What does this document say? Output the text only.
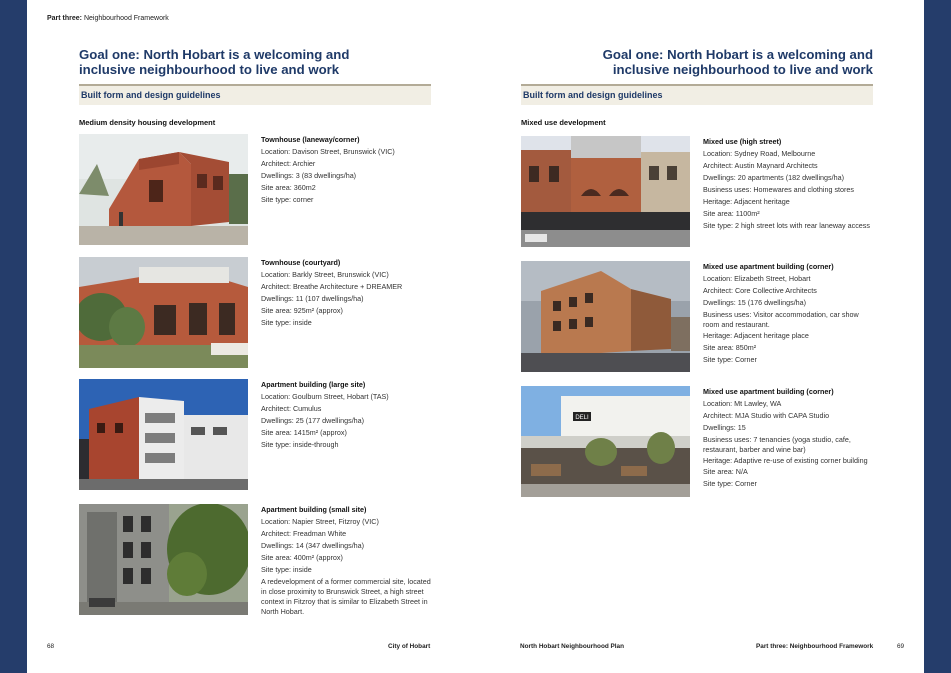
Part three: Neighbourhood Framework
Goal one: North Hobart is a welcoming and
inclusive neighbourhood to live and work
Built form and design guidelines
Medium density housing development
Townhouse (laneway/corner)
Location: Davison Street, Brunswick (VIC)
Architect: Archier
Dwellings: 3 (83 dwellings/ha)
Site area: 360m2
Site type: corner
Townhouse (courtyard)
Location: Barkly Street, Brunswick (VIC)
Architect: Breathe Architecture + DREAMER
Dwellings: 11 (107 dwellings/ha)
Site area: 925m² (approx)
Site type: inside
Apartment building (large site)
Location: Goulburn Street, Hobart (TAS)
Architect: Cumulus
Dwellings: 25 (177 dwellings/ha)
Site area: 1415m² (approx)
Site type: inside-through
Apartment building (small site)
Location: Napier Street, Fitzroy (VIC)
Architect: Freadman White
Dwellings: 14 (347 dwellings/ha)
Site area: 400m² (approx)
Site type: inside
A redevelopment of a former commercial site, located in close proximity to Brunswick Street, a high street context in Fitzroy that is similar to Elizabeth Street in North Hobart.
Goal one: North Hobart is a welcoming and
inclusive neighbourhood to live and work
Built form and design guidelines
Mixed use development
Mixed use (high street)
Location: Sydney Road, Melbourne
Architect: Austin Maynard Architects
Dwellings: 20 apartments (182 dwellings/ha)
Business uses: Homewares and clothing stores
Heritage: Adjacent heritage
Site area: 1100m²
Site type: 2 high street lots with rear laneway access
Mixed use apartment building (corner)
Location: Elizabeth Street, Hobart
Architect: Core Collective Architects
Dwellings: 15 (176 dwellings/ha)
Business uses: Visitor accommodation, car show room and restaurant.
Heritage: Adjacent heritage place
Site area: 850m²
Site type: Corner
DELI
Mixed use apartment building (corner)
Location: Mt Lawley, WA
Architect: MJA Studio with CAPA Studio
Dwellings: 15
Business uses: 7 tenancies (yoga studio, cafe, restaurant, barber and wine bar)
Heritage: Adaptive re-use of existing corner building
Site area: N/A
Site type: Corner
68	City of Hobart	North Hobart Neighbourhood Plan	Part three: Neighbourhood Framework	69
